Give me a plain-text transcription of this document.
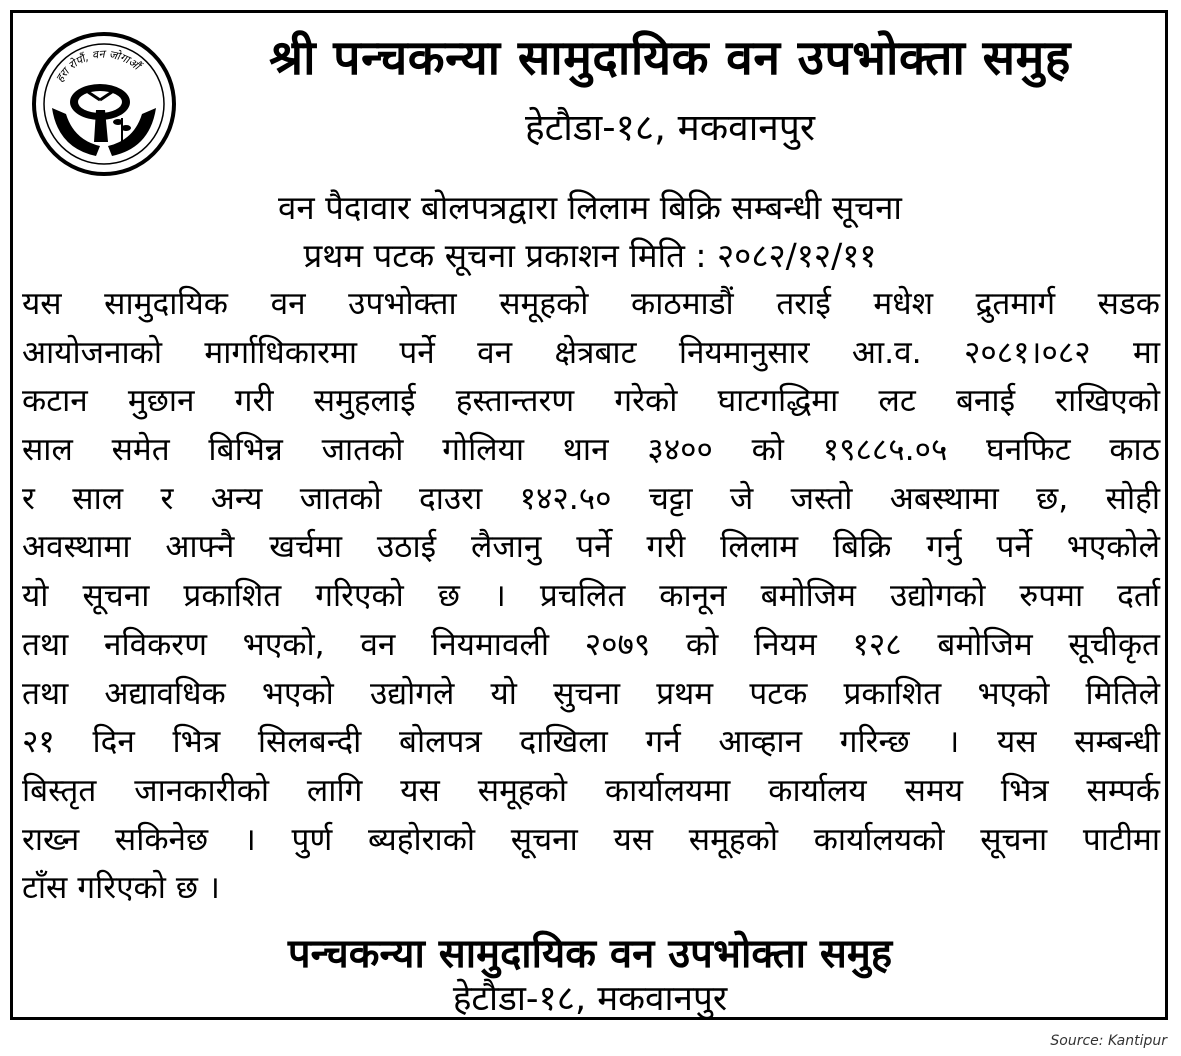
हरा रोपौं, वन जोगाऔं	श्री पन्चकन्या सामुदायिक वन उपभोक्ता समुह
हेटौडा-१८, मकवानपुर
वन पैदावार बोलपत्रद्वारा लिलाम बिक्रि सम्बन्धी सूचना
प्रथम पटक सूचना प्रकाशन मिति : २०८२/१२/११
यस सामुदायिक वन उपभोक्ता समूहको काठमाडौं तराई मधेश द्रुतमार्ग सडक
आयोजनाको मार्गाधिकारमा पर्ने वन क्षेत्रबाट नियमानुसार आ.व. २०८१।०८२ मा
कटान मुछान गरी समुहलाई हस्तान्तरण गरेको घाटगद्धिमा लट बनाई राखिएको
साल समेत बिभिन्न जातको गोलिया थान ३४०० को १९८८५.०५ घनफिट काठ
र साल र अन्य जातको दाउरा १४२.५० चट्टा जे जस्तो अबस्थामा छ, सोही
अवस्थामा आफ्नै खर्चमा उठाई लैजानु पर्ने गरी लिलाम बिक्रि गर्नु पर्ने भएकोले
यो सूचना प्रकाशित गरिएको छ । प्रचलित कानून बमोजिम उद्योगको रुपमा दर्ता
तथा नविकरण भएको, वन नियमावली २०७९ को नियम १२८ बमोजिम सूचीकृत
तथा अद्यावधिक भएको उद्योगले यो सुचना प्रथम पटक प्रकाशित भएको मितिले
२१ दिन भित्र सिलबन्दी बोलपत्र दाखिला गर्न आव्हान गरिन्छ । यस सम्बन्धी
बिस्तृत जानकारीको लागि यस समूहको कार्यालयमा कार्यालय समय भित्र सम्पर्क
राख्न सकिनेछ । पुर्ण ब्यहोराको सूचना यस समूहको कार्यालयको सूचना पाटीमा
टाँस गरिएको छ ।
पन्चकन्या सामुदायिक वन उपभोक्ता समुह
हेटौडा-१८, मकवानपुर
Source: Kantipur
